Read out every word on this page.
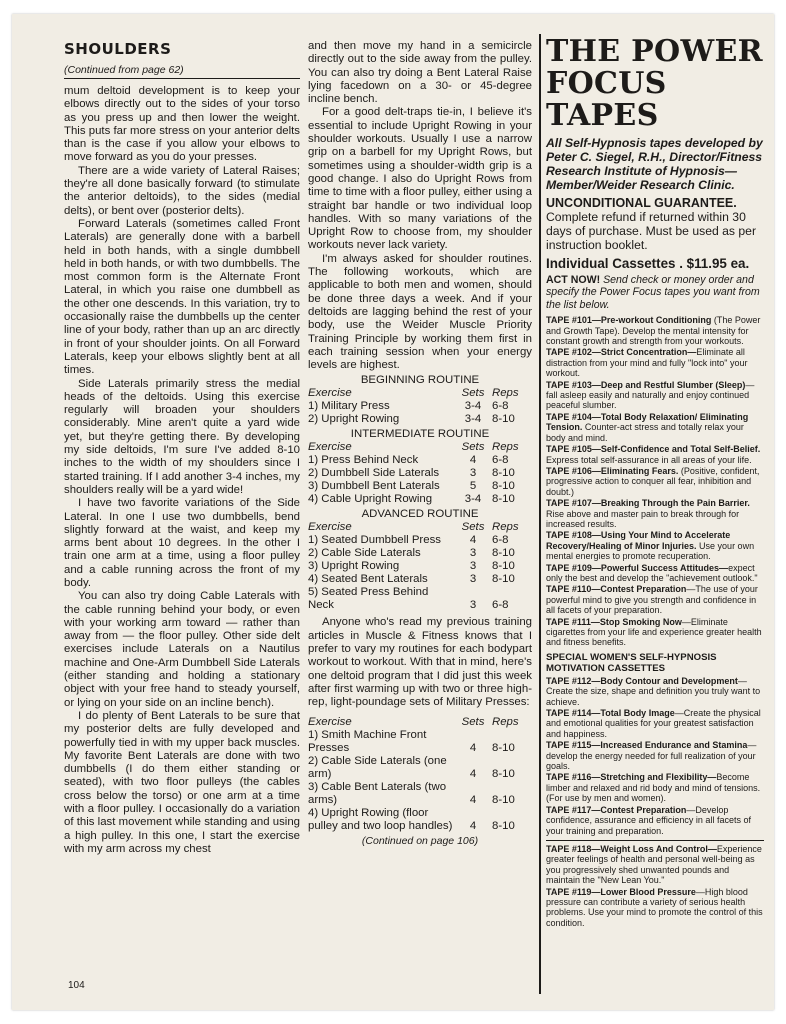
SHOULDERS
(Continued from page 62)

mum deltoid development is to keep your elbows directly out to the sides of your torso as you press up and then lower the weight. This puts far more stress on your anterior delts than is the case if you allow your elbows to move forward as you do your presses.

There are a wide variety of Lateral Raises; they're all done basically forward (to stimulate the anterior deltoids), to the sides (medial delts), or bent over (posterior delts).

Forward Laterals (sometimes called Front Laterals) are generally done with a barbell held in both hands, with a single dumbbell held in both hands, or with two dumbbells. The most common form is the Alternate Front Lateral, in which you raise one dumbbell as the other one descends. In this variation, try to occasionally raise the dumbbells up the center line of your body, rather than up an arc directly in front of your shoulder joints. On all Forward Laterals, keep your elbows slightly bent at all times.

Side Laterals primarily stress the medial heads of the deltoids. Using this exercise regularly will broaden your shoulders considerably. Mine aren't quite a yard wide yet, but they're getting there. By developing my side deltoids, I'm sure I've added 8-10 inches to the width of my shoulders since I started training. If I add another 3-4 inches, my shoulders really will be a yard wide!

I have two favorite variations of the Side Lateral. In one I use two dumbbells, bend slightly forward at the waist, and keep my arms bent about 10 degrees. In the other I train one arm at a time, using a floor pulley and a cable running across the front of my body.

You can also try doing Cable Laterals with the cable running behind your body, or even with your working arm toward — rather than away from — the floor pulley. Other side delt exercises include Laterals on a Nautilus machine and One-Arm Dumbbell Side Laterals (either standing and holding a stationary object with your free hand to steady yourself, or lying on your side on an incline bench).

I do plenty of Bent Laterals to be sure that my posterior delts are fully developed and powerfully tied in with my upper back muscles. My favorite Bent Laterals are done with two dumbbells (I do them either standing or seated), with two floor pulleys (the cables cross below the torso) or one arm at a time with a floor pulley. I occasionally do a variation of this last movement while standing and using a high pulley. In this one, I start the exercise with my arm across my chest

and then move my hand in a semicircle directly out to the side away from the pulley. You can also try doing a Bent Lateral Raise lying facedown on a 30- or 45-degree incline bench.

For a good delt-traps tie-in, I believe it's essential to include Upright Rowing in your shoulder workouts. Usually I use a narrow grip on a barbell for my Upright Rows, but sometimes using a shoulder-width grip is a good change. I also do Upright Rows from time to time with a floor pulley, either using a straight bar handle or two individual loop handles. With so many variations of the Upright Row to choose from, my shoulder workouts never lack variety.

I'm always asked for shoulder routines. The following workouts, which are applicable to both men and women, should be done three days a week. And if your deltoids are lagging behind the rest of your body, use the Weider Muscle Priority Training Principle by working them first in each training session when your energy levels are highest.

BEGINNING ROUTINE
Exercise	Sets	Reps
1) Military Press	3-4	6-8
2) Upright Rowing	3-4	8-10
INTERMEDIATE ROUTINE
Exercise	Sets	Reps
1) Press Behind Neck	4	6-8
2) Dumbbell Side Laterals	3	8-10
3) Dumbbell Bent Laterals	5	8-10
4) Cable Upright Rowing	3-4	8-10
ADVANCED ROUTINE
Exercise	Sets	Reps
1) Seated Dumbbell Press	4	6-8
2) Cable Side Laterals	3	8-10
3) Upright Rowing	3	8-10
4) Seated Bent Laterals	3	8-10
5) Seated Press Behind Neck	3	6-8

Anyone who's read my previous training articles in Muscle & Fitness knows that I prefer to vary my routines for each bodypart workout to workout. With that in mind, here's one deltoid program that I did just this week after first warming up with two or three high-rep, light-poundage sets of Military Presses:

Exercise	Sets	Reps
1) Smith Machine Front Presses	4	8-10
2) Cable Side Laterals (one arm)	4	8-10
3) Cable Bent Laterals (two arms)	4	8-10
4) Upright Rowing (floor pulley and two loop handles)	4	8-10
(Continued on page 106)
THE POWER FOCUS TAPES
All Self-Hypnosis tapes developed by Peter C. Siegel, R.H., Director/Fitness Research Institute of Hypnosis—Member/Weider Research Clinic.
UNCONDITIONAL GUARANTEE.
Complete refund if returned within 30 days of purchase. Must be used as per instruction booklet.
Individual Cassettes . $11.95 ea.
ACT NOW! Send check or money order and specify the Power Focus tapes you want from the list below.
TAPE #101—Pre-workout Conditioning (The Power and Growth Tape). Develop the mental intensity for constant growth and strength from your workouts.
TAPE #102—Strict Concentration—Eliminate all distraction from your mind and fully "lock into" your workout.
TAPE #103—Deep and Restful Slumber (Sleep)—fall asleep easily and naturally and enjoy continued peaceful slumber.
TAPE #104—Total Body Relaxation/ Eliminating Tension. Counter-act stress and totally relax your body and mind.
TAPE #105—Self-Confidence and Total Self-Belief. Express total self-assurance in all areas of your life.
TAPE #106—Eliminating Fears. (Positive, confident, progressive action to conquer all fear, inhibition and doubt.)
TAPE #107—Breaking Through the Pain Barrier. Rise above and master pain to break through for increased results.
TAPE #108—Using Your Mind to Accelerate Recovery/Healing of Minor Injuries. Use your own mental energies to promote recuperation.
TAPE #109—Powerful Success Attitudes—expect only the best and develop the "achievement outlook."
TAPE #110—Contest Preparation—The use of your powerful mind to give you strength and confidence in all facets of your preparation.
TAPE #111—Stop Smoking Now—Eliminate cigarettes from your life and experience greater health and fitness benefits.
SPECIAL WOMEN'S SELF-HYPNOSIS MOTIVATION CASSETTES
TAPE #112—Body Contour and Development—Create the size, shape and definition you truly want to achieve.
TAPE #114—Total Body Image—Create the physical and emotional qualities for your greatest satisfaction and happiness.
TAPE #115—Increased Endurance and Stamina—develop the energy needed for full realization of your goals.
TAPE #116—Stretching and Flexibility—Become limber and relaxed and rid body and mind of tensions. (For use by men and women).
TAPE #117—Contest Preparation—Develop confidence, assurance and efficiency in all facets of your training and preparation.
TAPE #118—Weight Loss And Control—Experience greater feelings of health and personal well-being as you progressively shed unwanted pounds and maintain the "New Lean You."
TAPE #119—Lower Blood Pressure—High blood pressure can contribute a variety of serious health problems. Use your mind to promote the control of this condition.
104
